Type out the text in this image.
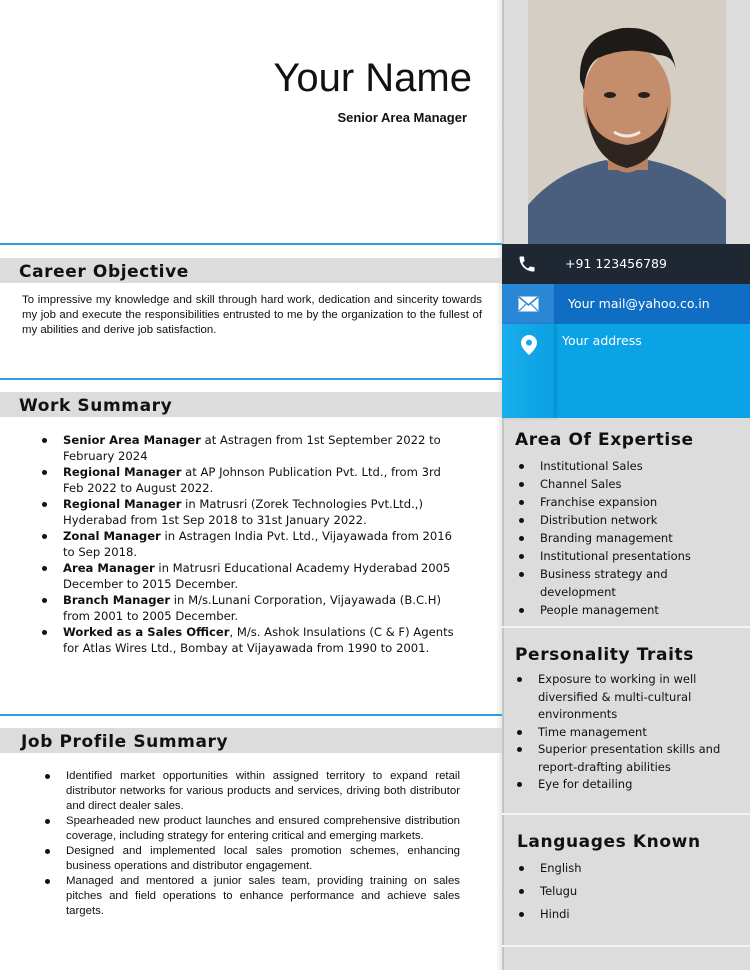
Your Name
Senior Area Manager
Career Objective
To impressive my knowledge and skill through hard work, dedication and sincerity towards my job and execute the responsibilities entrusted to me by the organization to the fullest of my abilities and derive job satisfaction.
Work Summary
Senior Area Manager at Astragen from 1st September 2022 to February 2024
Regional Manager at AP Johnson Publication Pvt. Ltd., from 3rd Feb 2022 to August 2022.
Regional Manager in Matrusri (Zorek Technologies Pvt.Ltd.,) Hyderabad from 1st Sep 2018 to 31st January 2022.
Zonal Manager in Astragen India Pvt. Ltd., Vijayawada from 2016 to Sep 2018.
Area Manager in Matrusri Educational Academy Hyderabad 2005 December to 2015 December.
Branch Manager in M/s.Lunani Corporation, Vijayawada (B.C.H) from 2001 to 2005 December.
Worked as a Sales Officer, M/s. Ashok Insulations (C & F) Agents for Atlas Wires Ltd., Bombay at Vijayawada from 1990 to 2001.
Job Profile Summary
Identified market opportunities within assigned territory to expand retail distributor networks for various products and services, driving both distributor and direct dealer sales.
Spearheaded new product launches and ensured comprehensive distribution coverage, including strategy for entering critical and emerging markets.
Designed and implemented local sales promotion schemes, enhancing business operations and distributor engagement.
Managed and mentored a junior sales team, providing training on sales pitches and field operations to enhance performance and achieve sales targets.
+91 123456789
Your mail@yahoo.co.in
Your address
Area Of Expertise
Institutional Sales
Channel Sales
Franchise expansion
Distribution network
Branding management
Institutional presentations
Business strategy and development
People management
Personality Traits
Exposure to working in well diversified & multi-cultural environments
Time management
Superior presentation skills and report-drafting abilities
Eye for detailing
Languages Known
English
Telugu
Hindi
